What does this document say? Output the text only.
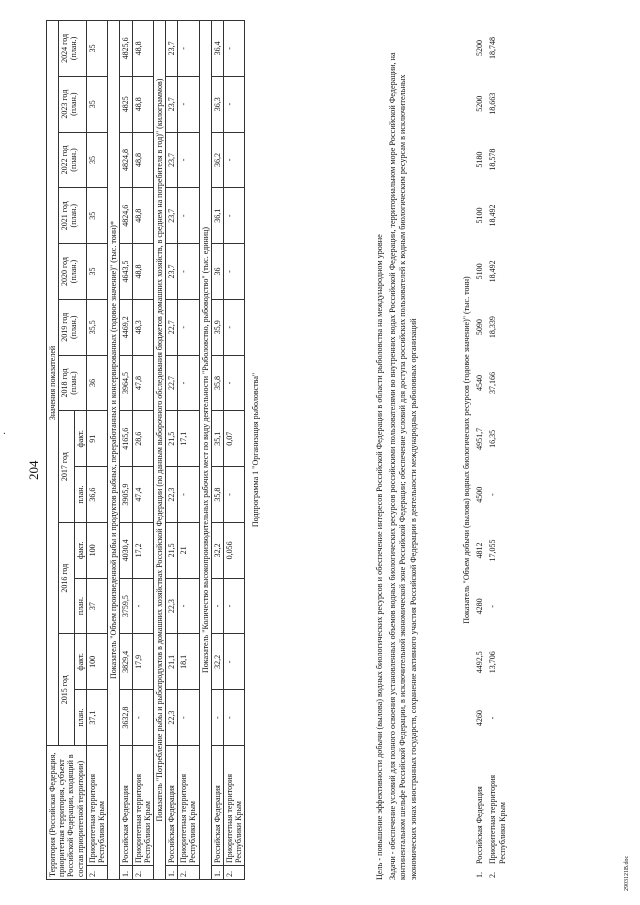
204
·
Территория (Российская Федерация, приоритетная территория, субъект Российской Федерации, входящий в состав приоритетной территории)		Значения показателей												
		2015 год		2016 год		2017 год		2018 год (план.)	2019 год (план.)	2020 год (план.)	2021 год (план.)	2022 год (план.)	2023 год (план.)	2024 год (план.)
		план.	факт.	план.	факт.	план.	факт.							
2.	Приоритетная территория Республики Крым	37,1	100	37	100	36,6	91	36	35,5	35	35	35	35	35
Показатель "Объем произведенной рыбы и продуктов рыбных, переработанных и консервированных (годовое значение)" (тыс. тонн)*														
1.	Российская Федерация	3632,8	3829,4	3759,5	4030,4	3905,9	4165,6	3964,5	4469,2	4643,5	4824,6	4824,8	4825	4825,6
2.	Приоритетная территория Республики Крым	-	17,9	-	17,2	47,4	28,6	47,8	48,3	48,8	48,8	48,8	48,8	48,8
Показатель "Потребление рыбы и рыбопродуктов в домашних хозяйствах Российской Федерации (по данным выборочного обследования бюджетов домашних хозяйств, в среднем на потребителя в год)" (килограммов)														
1.	Российская Федерация	22,3	21,1	22,3	21,5	22,3	21,5	22,7	22,7	23,7	23,7	23,7	23,7	23,7
2.	Приоритетная территория Республики Крым	-	18,1	-	21	-	17,1	-	-	-	-	-	-	-
Показатель "Количество высокопроизводительных рабочих мест по виду деятельности "Рыболовство, рыбоводство" (тыс. единиц)														
1.	Российская Федерация	-	32,2	-	32,2	35,8	35,1	35,8	35,9	36	36,1	36,2	36,3	36,4
2.	Приоритетная территория Республики Крым	-	-	-	0,056	-	0,07	-	-	-	-	-	-	-
Подпрограмма 1 "Организация рыболовства"															Цель - повышение эффективности добычи (вылова) водных биологических ресурсов и обеспечение интересов Российской Федерации в области рыболовства на международном уровне Задачи - обеспечение условий для полного освоения установленных объемов водных биологических ресурсов российскими пользователями во внутренних водах Российской Федерации, территориальном море Российской Федерации, на континентальном шельфе Российской Федерации, в исключительной экономической зоне Российской Федерации; обеспечение условий для доступа российских пользователей к водным биологическим ресурсам в исключительных экономических зонах иностранных государств, сохранение активного участия Российской Федерации в деятельности международных рыболовных организаций	Показатель "Объем добычи (вылова) водных биологических ресурсов (годовое значение)" (тыс. тонн)														
1.	Российская Федерация	4260	4492,5	4280	4812	4500	4951,7	4540	5090	5100	5100	5180	5200	5200
2.	Приоритетная территория Республики Крым	-	13,706	-	17,055	-	16,35	37,166	18,339	18,492	18,492	18,578	18,663	18,748
2903121В.doc
